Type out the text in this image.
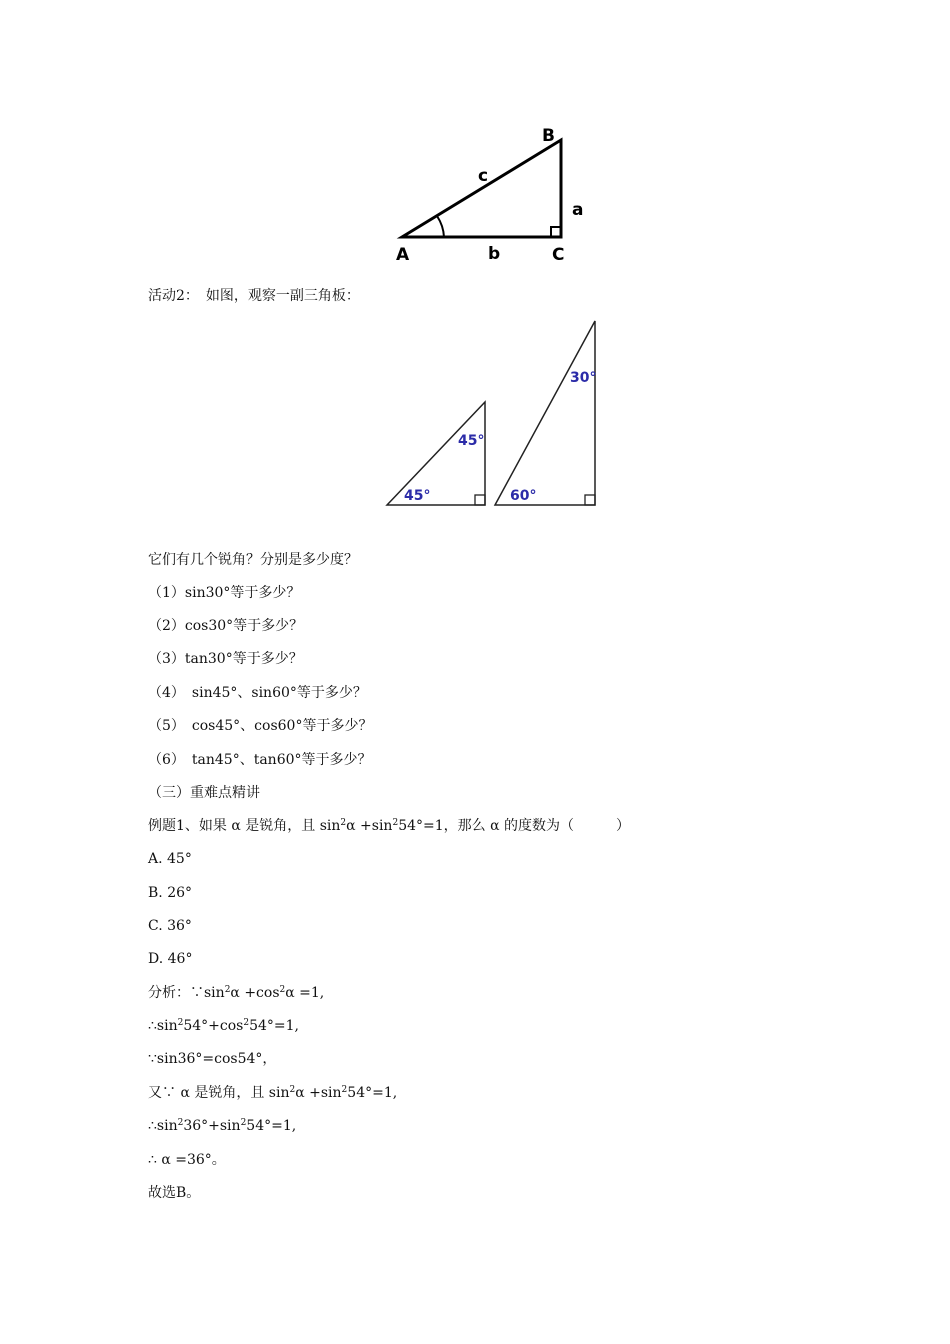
A
B
C
a
b
c
活动2：　如图，观察一副三角板：
45°
45°
30°
60°
它们有几个锐角？分别是多少度？
（1）sin30°等于多少？
（2）cos30°等于多少？
（3）tan30°等于多少？
（4）　sin45°、sin60°等于多少？
（5）　cos45°、cos60°等于多少？
（6）　tan45°、tan60°等于多少？
（三）重难点精讲
例题1、如果 α 是锐角，且 $\sin^2\alpha +\sin^254^\circ=1$，那么 α 的度数为（　　　）
A. 45°
B. 26°
C. 36°
D. 46°
分析：$\because\sin^2\alpha +\cos^2\alpha =1$,
$\therefore\sin^254^\circ+\cos^254^\circ=1$,
∵sin36°=cos54°，
又∵ α 是锐角，且 $\sin^2\alpha +\sin^254^\circ=1$,
$\therefore\sin^236^\circ+\sin^254^\circ=1$,
∴ α =36°。
故选B。
